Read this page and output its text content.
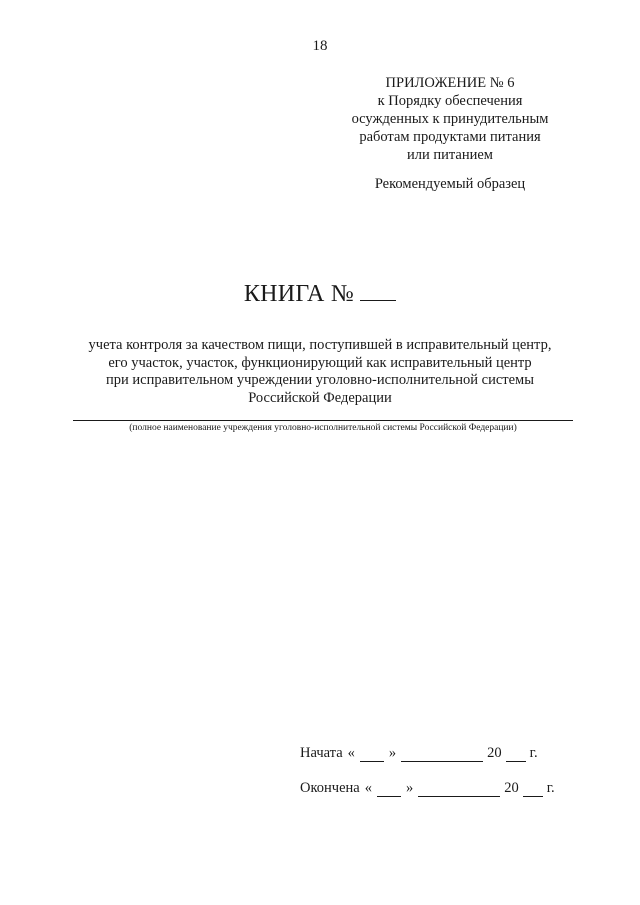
18
ПРИЛОЖЕНИЕ № 6
к Порядку обеспечения
осужденных к принудительным
работам продуктами питания
или питанием
Рекомендуемый образец
КНИГА №
учета контроля за качеством пищи, поступившей в исправительный центр,
его участок, участок, функционирующий как исправительный центр
при исправительном учреждении уголовно-исполнительной системы
Российской Федерации
(полное наименование учреждения уголовно-исполнительной системы Российской Федерации)
Начата « »	20 г.
Окончена « »	20 г.
